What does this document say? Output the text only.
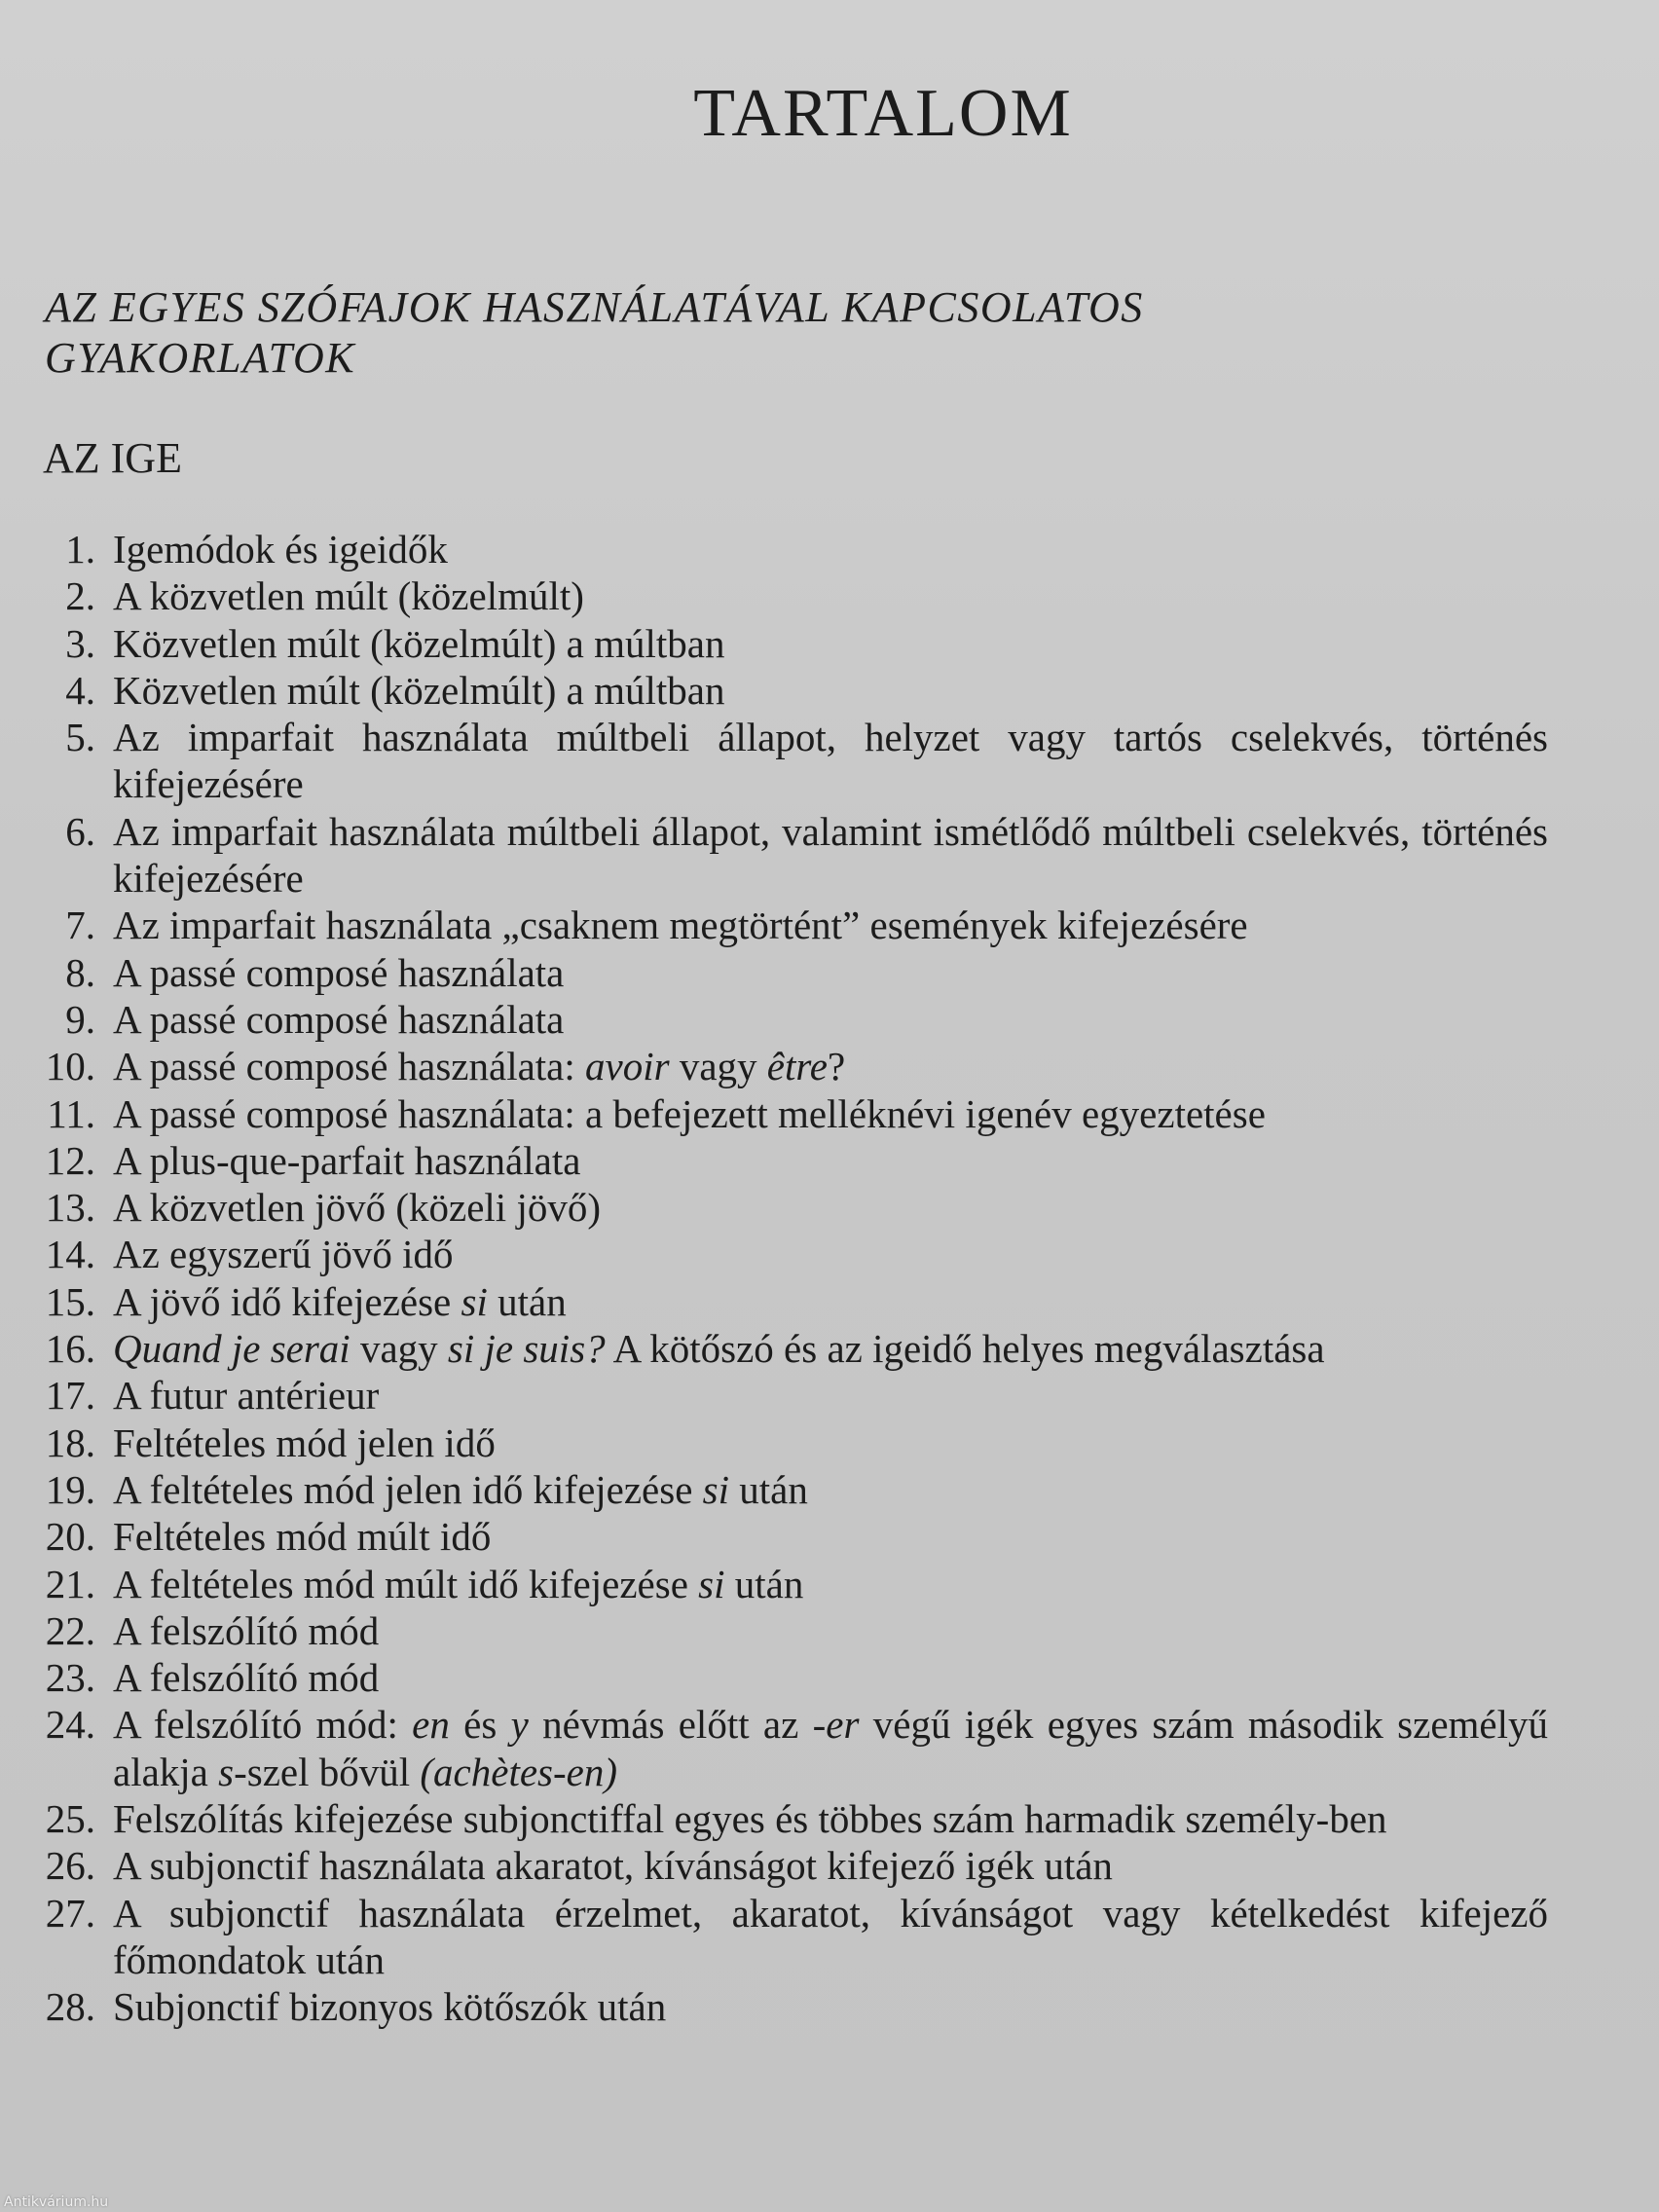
TARTALOM
AZ EGYES SZÓFAJOK HASZNÁLATÁVAL KAPCSOLATOS
GYAKORLATOK
AZ IGE
1. Igemódok és igeidők
2. A közvetlen múlt (közelmúlt)
3. Közvetlen múlt (közelmúlt) a múltban
4. Közvetlen múlt (közelmúlt) a múltban
5. Az imparfait használata múltbeli állapot, helyzet vagy tartós cselekvés, történés kifejezésére
6. Az imparfait használata múltbeli állapot, valamint ismétlődő múltbeli cselekvés, történés kifejezésére
7. Az imparfait használata „csaknem megtörtént” események kifejezésére
8. A passé composé használata
9. A passé composé használata
10. A passé composé használata: avoir vagy être?
11. A passé composé használata: a befejezett melléknévi igenév egyeztetése
12. A plus-que-parfait használata
13. A közvetlen jövő (közeli jövő)
14. Az egyszerű jövő idő
15. A jövő idő kifejezése si után
16. Quand je serai vagy si je suis? A kötőszó és az igeidő helyes megválasztása
17. A futur antérieur
18. Feltételes mód jelen idő
19. A feltételes mód jelen idő kifejezése si után
20. Feltételes mód múlt idő
21. A feltételes mód múlt idő kifejezése si után
22. A felszólító mód
23. A felszólító mód
24. A felszólító mód: en és y névmás előtt az -er végű igék egyes szám második személyű alakja s-szel bővül (achètes-en)
25. Felszólítás kifejezése subjonctiffal egyes és többes szám harmadik személy-ben
26. A subjonctif használata akaratot, kívánságot kifejező igék után
27. A subjonctif használata érzelmet, akaratot, kívánságot vagy kételkedést kifejező főmondatok után
28. Subjonctif bizonyos kötőszók után
Antikvárium.hu
